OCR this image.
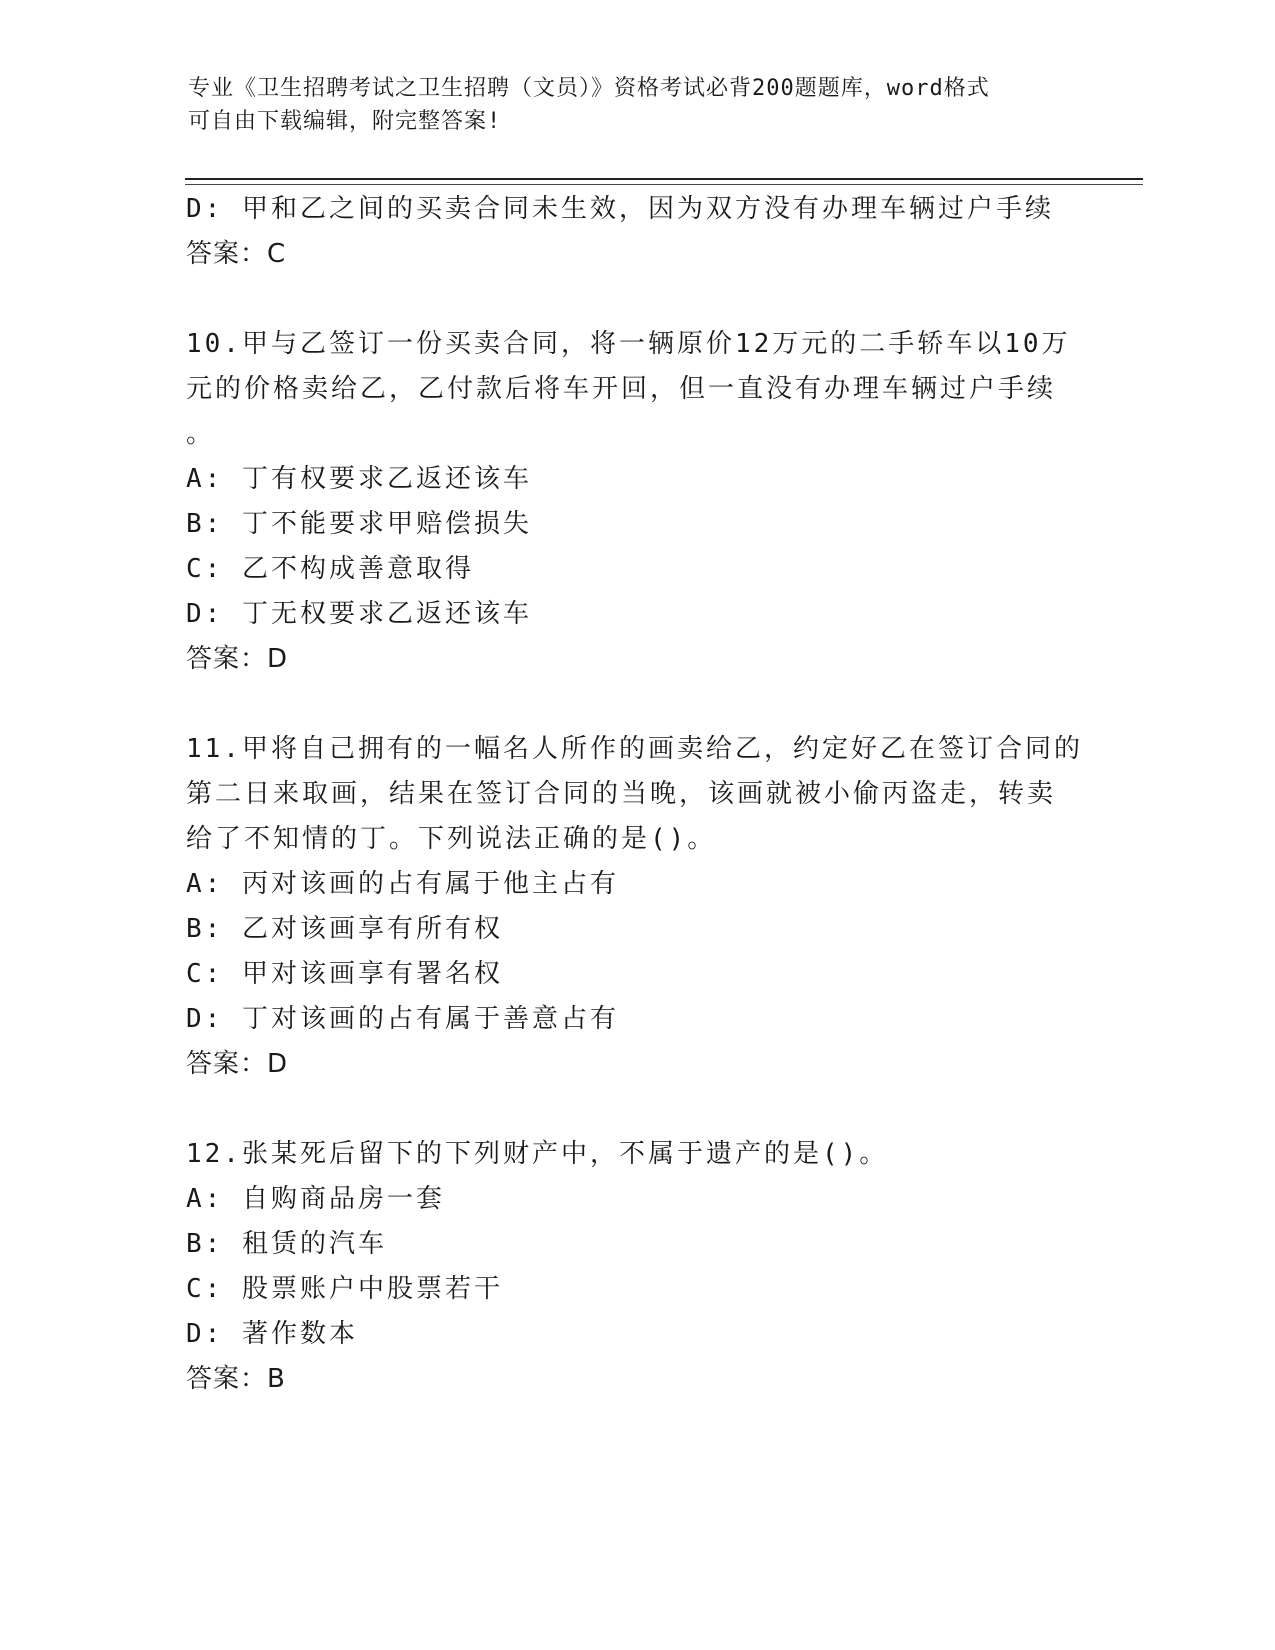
专业《卫生招聘考试之卫生招聘（文员）》资格考试必背200题题库，word格式
可自由下载编辑，附完整答案!
D: 甲和乙之间的买卖合同未生效，因为双方没有办理车辆过户手续
答案：C
10.甲与乙签订一份买卖合同，将一辆原价12万元的二手轿车以10万
元的价格卖给乙，乙付款后将车开回，但一直没有办理车辆过户手续
。
A: 丁有权要求乙返还该车
B: 丁不能要求甲赔偿损失
C: 乙不构成善意取得
D: 丁无权要求乙返还该车
答案：D
11.甲将自己拥有的一幅名人所作的画卖给乙，约定好乙在签订合同的
第二日来取画，结果在签订合同的当晚，该画就被小偷丙盗走，转卖
给了不知情的丁。下列说法正确的是()。
A: 丙对该画的占有属于他主占有
B: 乙对该画享有所有权
C: 甲对该画享有署名权
D: 丁对该画的占有属于善意占有
答案：D
12.张某死后留下的下列财产中，不属于遗产的是()。
A: 自购商品房一套
B: 租赁的汽车
C: 股票账户中股票若干
D: 著作数本
答案：B
